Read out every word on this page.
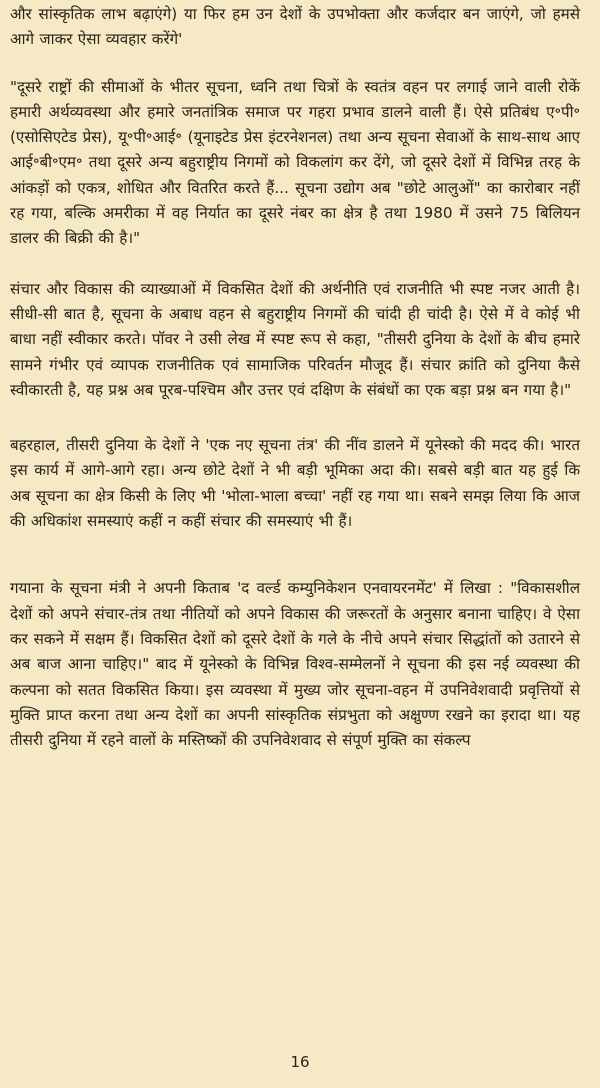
और सांस्कृतिक लाभ बढ़ाएंगे) या फिर हम उन देशों के उपभोक्ता और कर्जदार बन जाएंगे, जो हमसे आगे जाकर ऐसा व्यवहार करेंगे'

"दूसरे राष्ट्रों की सीमाओं के भीतर सूचना, ध्वनि तथा चित्रों के स्वतंत्र वहन पर लगाई जाने वाली रोकें हमारी अर्थव्यवस्था और हमारे जनतांत्रिक समाज पर गहरा प्रभाव डालने वाली हैं। ऐसे प्रतिबंध ए॰पी॰ (एसोसिएटेड प्रेस), यू॰पी॰आई॰ (यूनाइटेड प्रेस इंटरनेशनल) तथा अन्य सूचना सेवाओं के साथ-साथ आए आई॰बी॰एम॰ तथा दूसरे अन्य बहुराष्ट्रीय निगमों को विकलांग कर देंगे, जो दूसरे देशों में विभिन्न तरह के आंकड़ों को एकत्र, शोधित और वितरित करते हैं... सूचना उद्योग अब "छोटे आलुओं" का कारोबार नहीं रह गया, बल्कि अमरीका में वह निर्यात का दूसरे नंबर का क्षेत्र है तथा 1980 में उसने 75 बिलियन डालर की बिक्री की है।"

संचार और विकास की व्याख्याओं में विकसित देशों की अर्थनीति एवं राजनीति भी स्पष्ट नजर आती है। सीधी-सी बात है, सूचना के अबाध वहन से बहुराष्ट्रीय निगमों की चांदी ही चांदी है। ऐसे में वे कोई भी बाधा नहीं स्वीकार करते। पॉवर ने उसी लेख में स्पष्ट रूप से कहा, "तीसरी दुनिया के देशों के बीच हमारे सामने गंभीर एवं व्यापक राजनीतिक एवं सामाजिक परिवर्तन मौजूद हैं। संचार क्रांति को दुनिया कैसे स्वीकारती है, यह प्रश्न अब पूरब-पश्चिम और उत्तर एवं दक्षिण के संबंधों का एक बड़ा प्रश्न बन गया है।"

बहरहाल, तीसरी दुनिया के देशों ने 'एक नए सूचना तंत्र' की नींव डालने में यूनेस्को की मदद की। भारत इस कार्य में आगे-आगे रहा। अन्य छोटे देशों ने भी बड़ी भूमिका अदा की। सबसे बड़ी बात यह हुई कि अब सूचना का क्षेत्र किसी के लिए भी 'भोला-भाला बच्चा' नहीं रह गया था। सबने समझ लिया कि आज की अधिकांश समस्याएं कहीं न कहीं संचार की समस्याएं भी हैं।

गयाना के सूचना मंत्री ने अपनी किताब 'द वर्ल्ड कम्युनिकेशन एनवायरनमेंट' में लिखा : "विकासशील देशों को अपने संचार-तंत्र तथा नीतियों को अपने विकास की जरूरतों के अनुसार बनाना चाहिए। वे ऐसा कर सकने में सक्षम हैं। विकसित देशों को दूसरे देशों के गले के नीचे अपने संचार सिद्धांतों को उतारने से अब बाज आना चाहिए।" बाद में यूनेस्को के विभिन्न विश्व-सम्मेलनों ने सूचना की इस नई व्यवस्था की कल्पना को सतत विकसित किया। इस व्यवस्था में मुख्य जोर सूचना-वहन में उपनिवेशवादी प्रवृत्तियों से मुक्ति प्राप्त करना तथा अन्य देशों का अपनी सांस्कृतिक संप्रभुता को अक्षुण्ण रखने का इरादा था। यह तीसरी दुनिया में रहने वालों के मस्तिष्कों की उपनिवेशवाद से संपूर्ण मुक्ति का संकल्प

16
